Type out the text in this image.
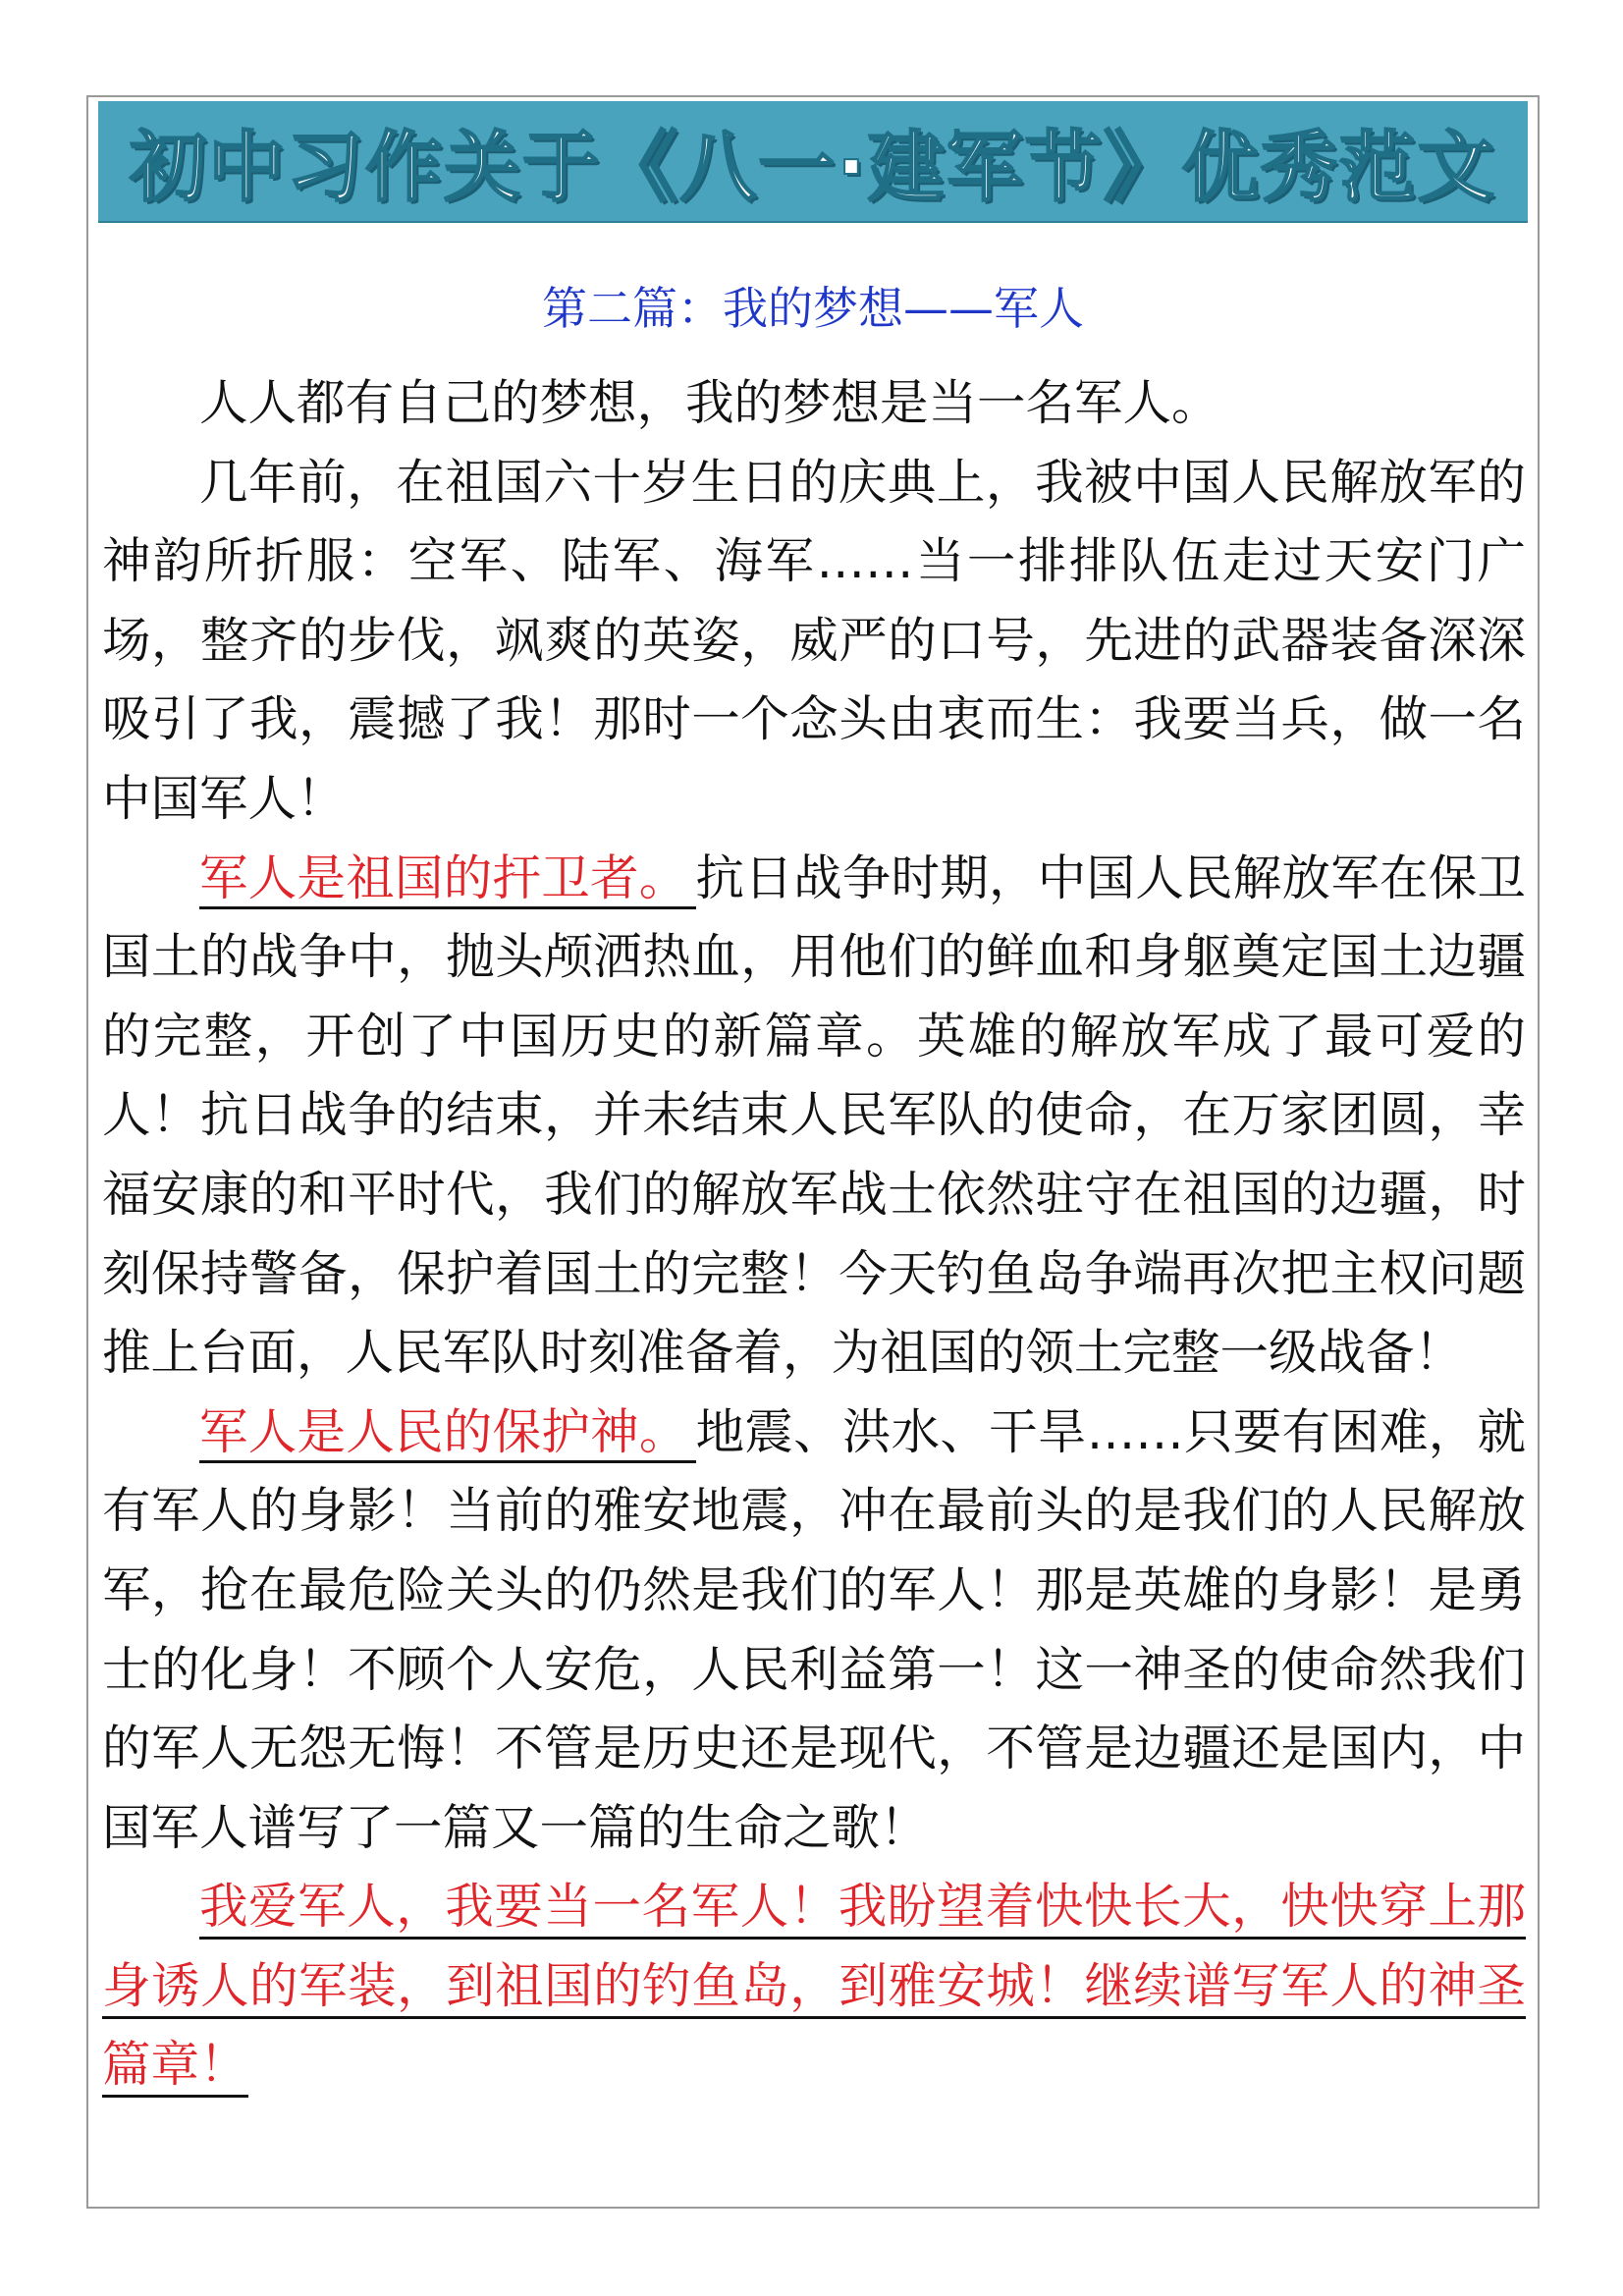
初中习作关于《八一·建军节》优秀范文
第二篇：我的梦想——军人

人人都有自己的梦想，我的梦想是当一名军人。

几年前，在祖国六十岁生日的庆典上，我被中国人民解放军的神韵所折服：空军、陆军、海军……当一排排队伍走过天安门广场，整齐的步伐，飒爽的英姿，威严的口号，先进的武器装备深深吸引了我，震撼了我！那时一个念头由衷而生：我要当兵，做一名中国军人！

军人是祖国的扞卫者。 抗日战争时期，中国人民解放军在保卫国土的战争中，抛头颅洒热血，用他们的鲜血和身躯奠定国土边疆的完整，开创了中国历史的新篇章。英雄的解放军成了最可爱的人！抗日战争的结束，并未结束人民军队的使命，在万家团圆，幸福安康的和平时代，我们的解放军战士依然驻守在祖国的边疆，时刻保持警备，保护着国土的完整！今天钓鱼岛争端再次把主权问题推上台面，人民军队时刻准备着，为祖国的领土完整一级战备！

军人是人民的保护神。 地震、洪水、干旱……只要有困难，就有军人的身影！当前的雅安地震，冲在最前头的是我们的人民解放军，抢在最危险关头的仍然是我们的军人！那是英雄的身影！是勇士的化身！不顾个人安危，人民利益第一！这一神圣的使命然我们的军人无怨无悔！不管是历史还是现代，不管是边疆还是国内，中国军人谱写了一篇又一篇的生命之歌！

我爱军人，我要当一名军人！我盼望着快快长大，快快穿上那身诱人的军装，到祖国的钓鱼岛，到雅安城！继续谱写军人的神圣篇章！
